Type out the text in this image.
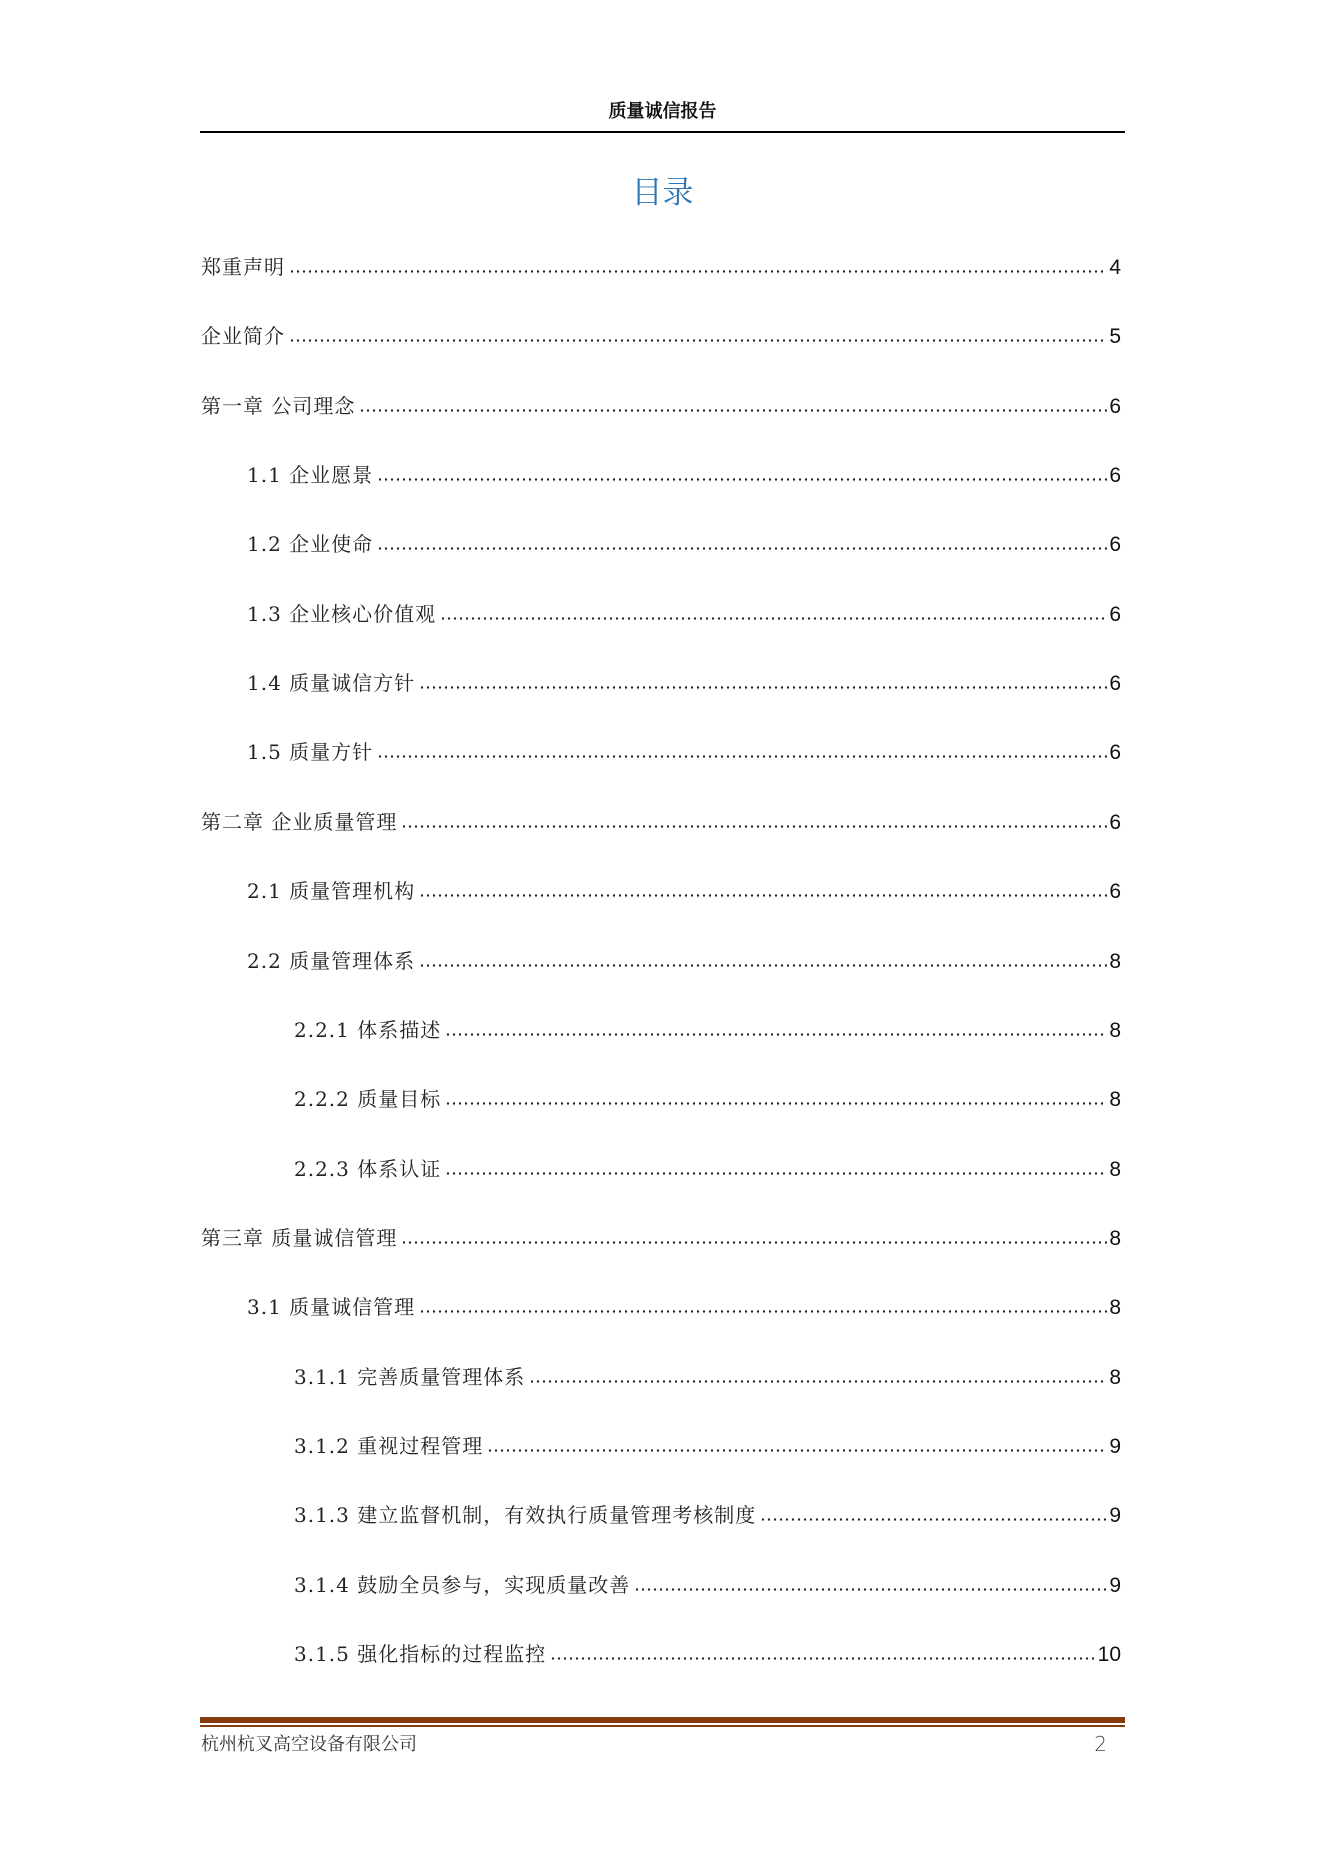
质量诚信报告
目录
郑重声明	4
企业简介	5
第一章 公司理念	6
1.1 企业愿景	6
1.2 企业使命	6
1.3 企业核心价值观	6
1.4 质量诚信方针	6
1.5 质量方针	6
第二章 企业质量管理	6
2.1 质量管理机构	6
2.2 质量管理体系	8
2.2.1 体系描述	8
2.2.2 质量目标	8
2.2.3 体系认证	8
第三章 质量诚信管理	8
3.1 质量诚信管理	8
3.1.1 完善质量管理体系	8
3.1.2 重视过程管理	9
3.1.3 建立监督机制，有效执行质量管理考核制度	9
3.1.4 鼓励全员参与，实现质量改善	9
3.1.5 强化指标的过程监控	10
杭州杭叉高空设备有限公司	2
